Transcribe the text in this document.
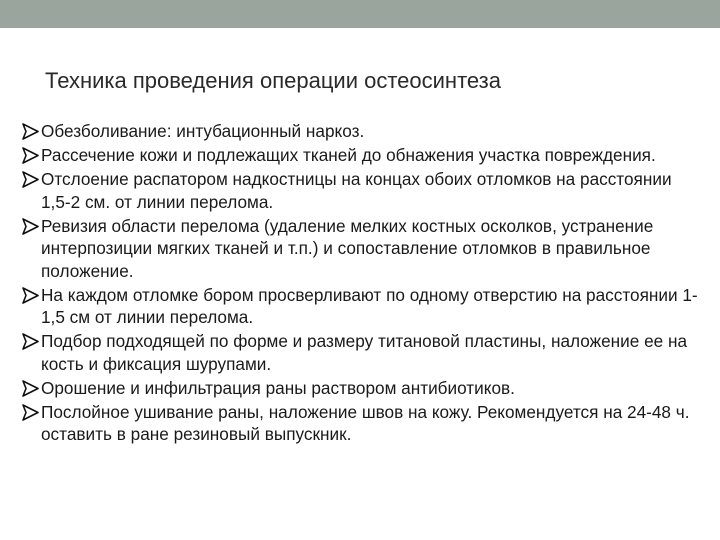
Техника проведения операции остеосинтеза
Обезболивание: интубационный наркоз.
Рассечение кожи и подлежащих тканей до обнажения участка повреждения.
Отслоение распатором надкостницы на концах обоих отломков на расстоянии 1,5-2 см. от линии перелома.
Ревизия области перелома (удаление мелких костных осколков, устранение интерпозиции мягких тканей и т.п.) и сопоставление отломков в правильное положение.
На каждом отломке бором просверливают по одному отверстию на расстоянии 1-1,5 см от линии перелома.
Подбор подходящей по форме и размеру титановой пластины, наложение ее на кость и фиксация шурупами.
Орошение и инфильтрация раны раствором антибиотиков.
Послойное ушивание раны, наложение швов на кожу. Рекомендуется на 24-48 ч. оставить в ране резиновый выпускник.
